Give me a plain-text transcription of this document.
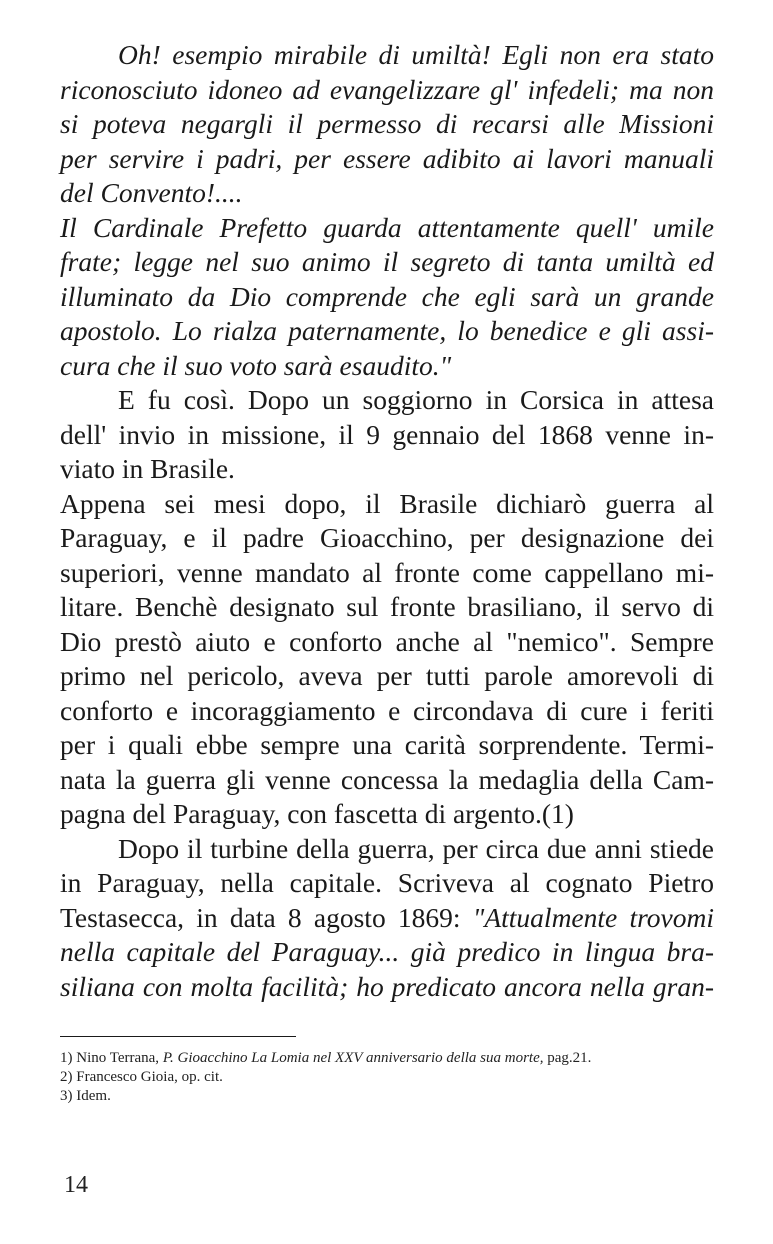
Oh! esempio mirabile di umiltà! Egli non era stato
riconosciuto idoneo ad evangelizzare gl' infedeli; ma non
si poteva negargli il permesso di recarsi alle Missioni
per servire i padri, per essere adibito ai lavori manuali
del Convento!....
Il Cardinale Prefetto guarda attentamente quell' umile
frate; legge nel suo animo il segreto di tanta umiltà ed
illuminato da Dio comprende che egli sarà un grande
apostolo. Lo rialza paternamente, lo benedice e gli assi-
cura che il suo voto sarà esaudito."
E fu così. Dopo un soggiorno in Corsica in attesa
dell' invio in missione, il 9 gennaio del 1868 venne in-
viato in Brasile.
Appena sei mesi dopo, il Brasile dichiarò guerra al
Paraguay, e il padre Gioacchino, per designazione dei
superiori, venne mandato al fronte come cappellano mi-
litare. Benchè designato sul fronte brasiliano, il servo di
Dio prestò aiuto e conforto anche al "nemico". Sempre
primo nel pericolo, aveva per tutti parole amorevoli di
conforto e incoraggiamento e circondava di cure i feriti
per i quali ebbe sempre una carità sorprendente. Termi-
nata la guerra gli venne concessa la medaglia della Cam-
pagna del Paraguay, con fascetta di argento.(1)
Dopo il turbine della guerra, per circa due anni stiede
in Paraguay, nella capitale. Scriveva al cognato Pietro
Testasecca, in data 8 agosto 1869: "Attualmente trovomi
nella capitale del Paraguay... già predico in lingua bra-
siliana con molta facilità; ho predicato ancora nella gran-
1) Nino Terrana, P. Gioacchino La Lomia nel XXV anniversario della sua morte, pag.21.
2) Francesco Gioia, op. cit.
3) Idem.
14
